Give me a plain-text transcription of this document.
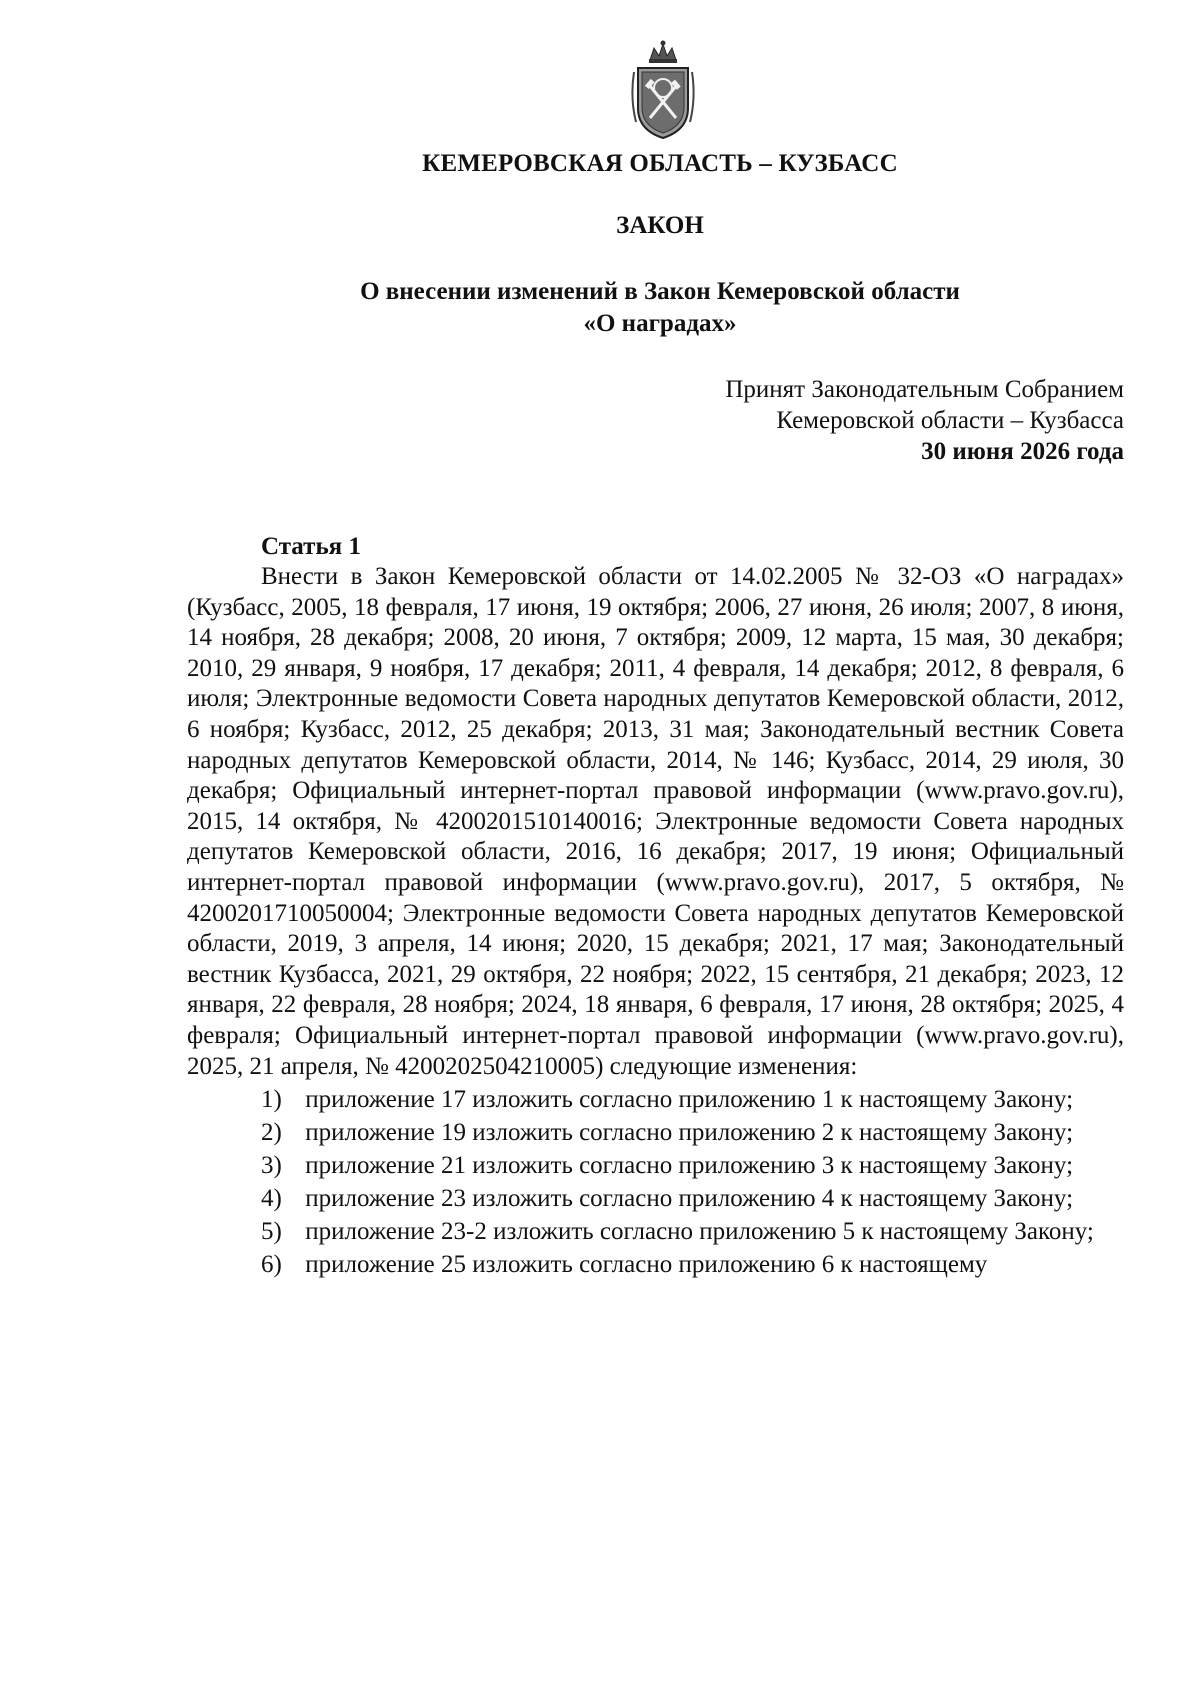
КЕМЕРОВСКАЯ ОБЛАСТЬ – КУЗБАСС
ЗАКОН
О внесении изменений в Закон Кемеровской области
«О наградах»
Принят Законодательным Собранием
Кемеровской области – Кузбасса
30 июня 2026 года
Статья 1

Внести в Закон Кемеровской области от 14.02.2005 № 32-ОЗ «О наградах» (Кузбасс, 2005, 18 февраля, 17 июня, 19 октября; 2006, 27 июня, 26 июля; 2007, 8 июня, 14 ноября, 28 декабря; 2008, 20 июня, 7 октября; 2009, 12 марта, 15 мая, 30 декабря; 2010, 29 января, 9 ноября, 17 декабря; 2011, 4 февраля, 14 декабря; 2012, 8 февраля, 6 июля; Электронные ведомости Совета народных депутатов Кемеровской области, 2012, 6 ноября; Кузбасс, 2012, 25 декабря; 2013, 31 мая; Законодательный вестник Совета народных депутатов Кемеровской области, 2014, № 146; Кузбасс, 2014, 29 июля, 30 декабря; Официальный интернет-портал правовой информации (www.pravo.gov.ru), 2015, 14 октября, № 4200201510140016; Электронные ведомости Совета народных депутатов Кемеровской области, 2016, 16 декабря; 2017, 19 июня; Официальный интернет-портал правовой информации (www.pravo.gov.ru), 2017, 5 октября, № 4200201710050004; Электронные ведомости Совета народных депутатов Кемеровской области, 2019, 3 апреля, 14 июня; 2020, 15 декабря; 2021, 17 мая; Законодательный вестник Кузбасса, 2021, 29 октября, 22 ноября; 2022, 15 сентября, 21 декабря; 2023, 12 января, 22 февраля, 28 ноября; 2024, 18 января, 6 февраля, 17 июня, 28 октября; 2025, 4 февраля; Официальный интернет-портал правовой информации (www.pravo.gov.ru), 2025, 21 апреля, № 4200202504210005) следующие изменения:

1) приложение 17 изложить согласно приложению 1 к настоящему Закону;

2) приложение 19 изложить согласно приложению 2 к настоящему Закону;

3) приложение 21 изложить согласно приложению 3 к настоящему Закону;

4) приложение 23 изложить согласно приложению 4 к настоящему Закону;

5) приложение 23-2 изложить согласно приложению 5 к настоящему Закону;

6) приложение 25 изложить согласно приложению 6 к настоящему
